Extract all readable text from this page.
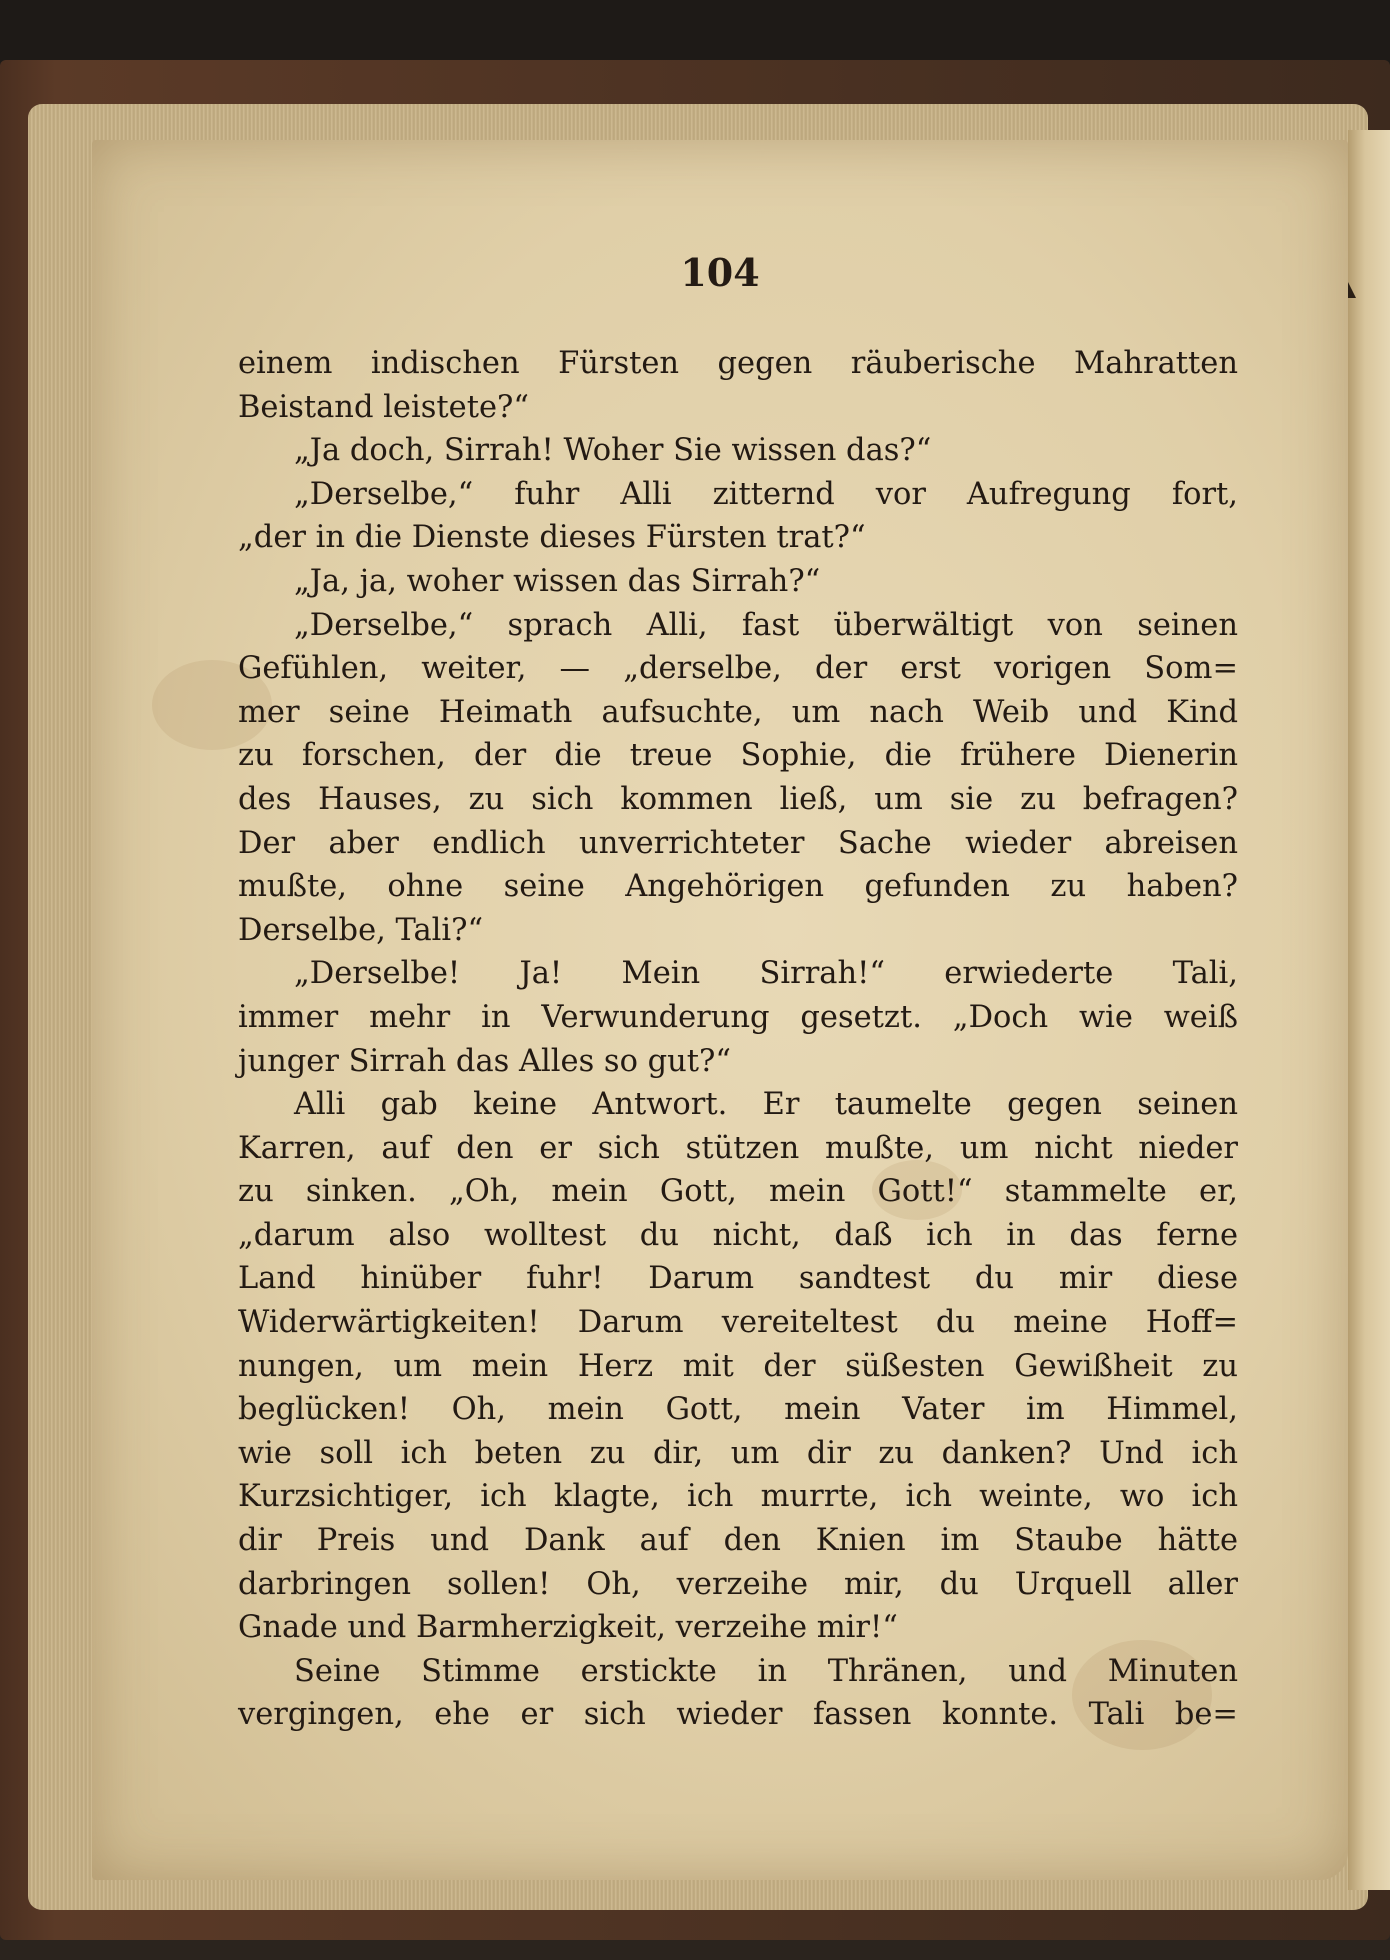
104
einem indischen Fürsten gegen räuberische Mahratten
Beistand leistete?“
„Ja doch, Sirrah! Woher Sie wissen das?“
„Derselbe,“ fuhr Alli zitternd vor Aufregung fort,
„der in die Dienste dieses Fürsten trat?“
„Ja, ja, woher wissen das Sirrah?“
„Derselbe,“ sprach Alli, fast überwältigt von seinen
Gefühlen, weiter, — „derselbe, der erst vorigen Som=
mer seine Heimath aufsuchte, um nach Weib und Kind
zu forschen, der die treue Sophie, die frühere Dienerin
des Hauses, zu sich kommen ließ, um sie zu befragen?
Der aber endlich unverrichteter Sache wieder abreisen
mußte, ohne seine Angehörigen gefunden zu haben?
Derselbe, Tali?“
„Derselbe! Ja! Mein Sirrah!“ erwiederte Tali,
immer mehr in Verwunderung gesetzt. „Doch wie weiß
junger Sirrah das Alles so gut?“
Alli gab keine Antwort. Er taumelte gegen seinen
Karren, auf den er sich stützen mußte, um nicht nieder
zu sinken. „Oh, mein Gott, mein Gott!“ stammelte er,
„darum also wolltest du nicht, daß ich in das ferne
Land hinüber fuhr! Darum sandtest du mir diese
Widerwärtigkeiten! Darum vereiteltest du meine Hoff=
nungen, um mein Herz mit der süßesten Gewißheit zu
beglücken! Oh, mein Gott, mein Vater im Himmel,
wie soll ich beten zu dir, um dir zu danken? Und ich
Kurzsichtiger, ich klagte, ich murrte, ich weinte, wo ich
dir Preis und Dank auf den Knien im Staube hätte
darbringen sollen! Oh, verzeihe mir, du Urquell aller
Gnade und Barmherzigkeit, verzeihe mir!“
Seine Stimme erstickte in Thränen, und Minuten
vergingen, ehe er sich wieder fassen konnte. Tali be=
